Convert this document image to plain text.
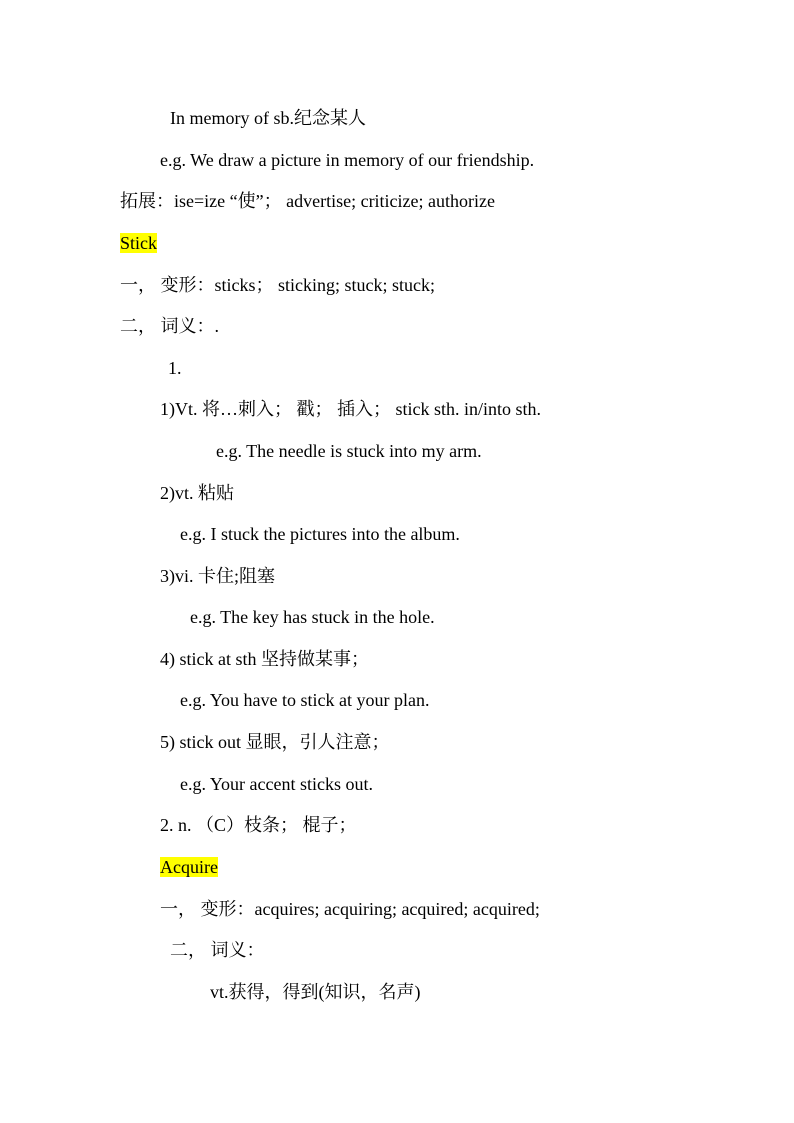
In memory of sb.纪念某人
e.g. We draw a picture in memory of our friendship.
拓展：ise=ize “使”； advertise; criticize; authorize
Stick
一， 变形：sticks； sticking; stuck; stuck;
二， 词义：.
1.
1)Vt. 将…刺入； 戳； 插入； stick sth. in/into sth.
e.g. The needle is stuck into my arm.
2)vt. 粘贴
e.g. I stuck the pictures into the album.
3)vi. 卡住;阻塞
e.g. The key has stuck in the hole.
4) stick at sth 坚持做某事；
e.g. You have to stick at your plan.
5) stick out 显眼，引人注意；
e.g. Your accent sticks out.
2. n. （C）枝条； 棍子；
Acquire
一， 变形：acquires; acquiring; acquired; acquired;
二， 词义：
vt.获得，得到(知识，名声)
